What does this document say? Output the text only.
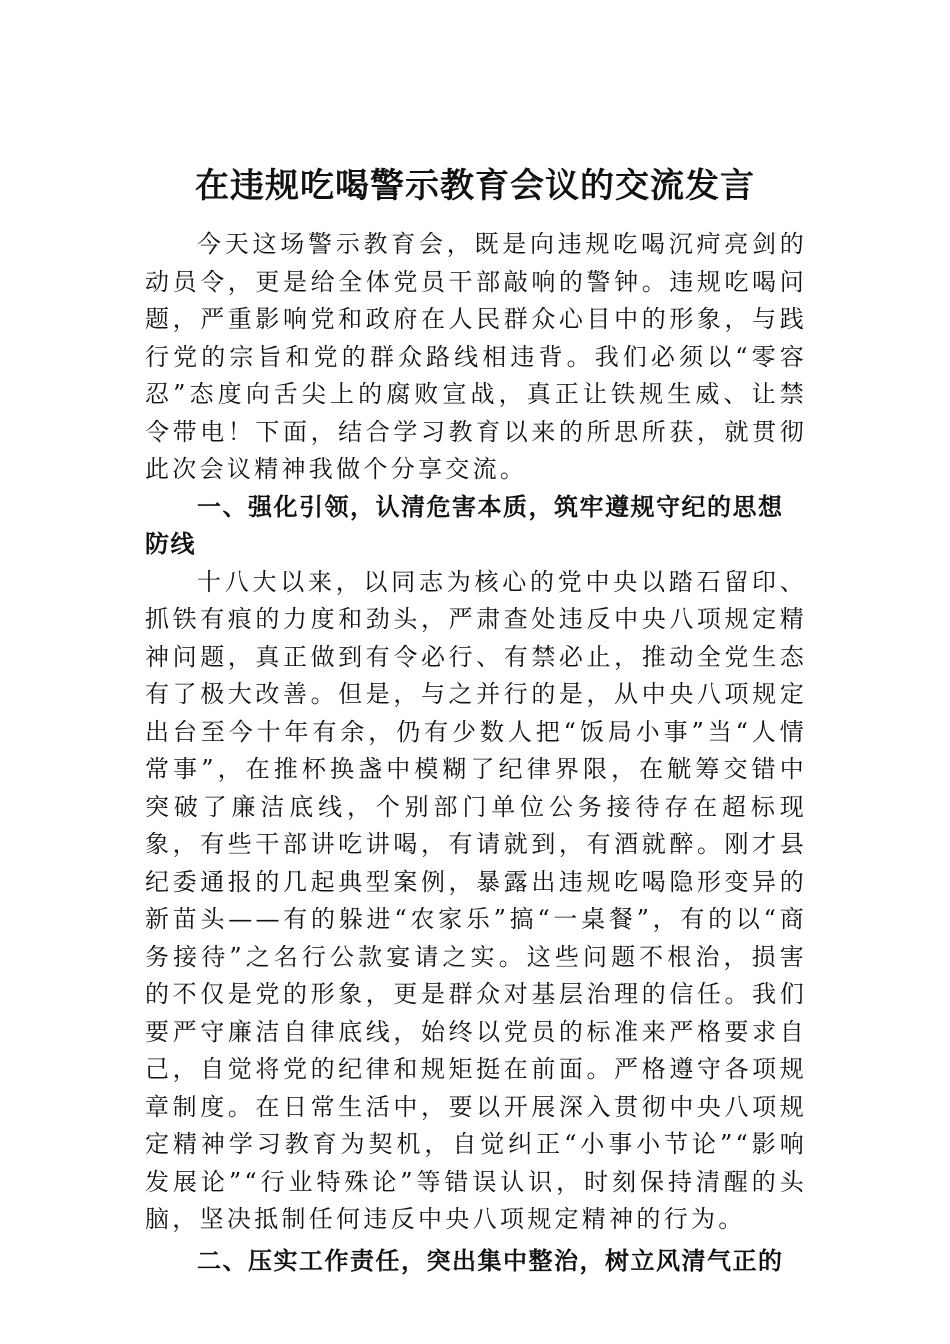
在违规吃喝警示教育会议的交流发言

今天这场警示教育会，既是向违规吃喝沉疴亮剑的动员令，更是给全体党员干部敲响的警钟。违规吃喝问题，严重影响党和政府在人民群众心目中的形象，与践行党的宗旨和党的群众路线相违背。我们必须以“零容忍”态度向舌尖上的腐败宣战，真正让铁规生威、让禁令带电！下面，结合学习教育以来的所思所获，就贯彻此次会议精神我做个分享交流。

一、强化引领，认清危害本质，筑牢遵规守纪的思想防线

十八大以来，以同志为核心的党中央以踏石留印、抓铁有痕的力度和劲头，严肃查处违反中央八项规定精神问题，真正做到有令必行、有禁必止，推动全党生态有了极大改善。但是，与之并行的是，从中央八项规定出台至今十年有余，仍有少数人把“饭局小事”当“人情常事”，在推杯换盏中模糊了纪律界限，在觥筹交错中突破了廉洁底线，个别部门单位公务接待存在超标现象，有些干部讲吃讲喝，有请就到，有酒就醉。刚才县纪委通报的几起典型案例，暴露出违规吃喝隐形变异的新苗头——有的躲进“农家乐”搞“一桌餐”，有的以“商务接待”之名行公款宴请之实。这些问题不根治，损害的不仅是党的形象，更是群众对基层治理的信任。我们要严守廉洁自律底线，始终以党员的标准来严格要求自己，自觉将党的纪律和规矩挺在前面。严格遵守各项规章制度。在日常生活中，要以开展深入贯彻中央八项规定精神学习教育为契机，自觉纠正“小事小节论”“影响发展论”“行业特殊论”等错误认识，时刻保持清醒的头脑，坚决抵制任何违反中央八项规定精神的行为。

二、压实工作责任，突出集中整治，树立风清气正的
